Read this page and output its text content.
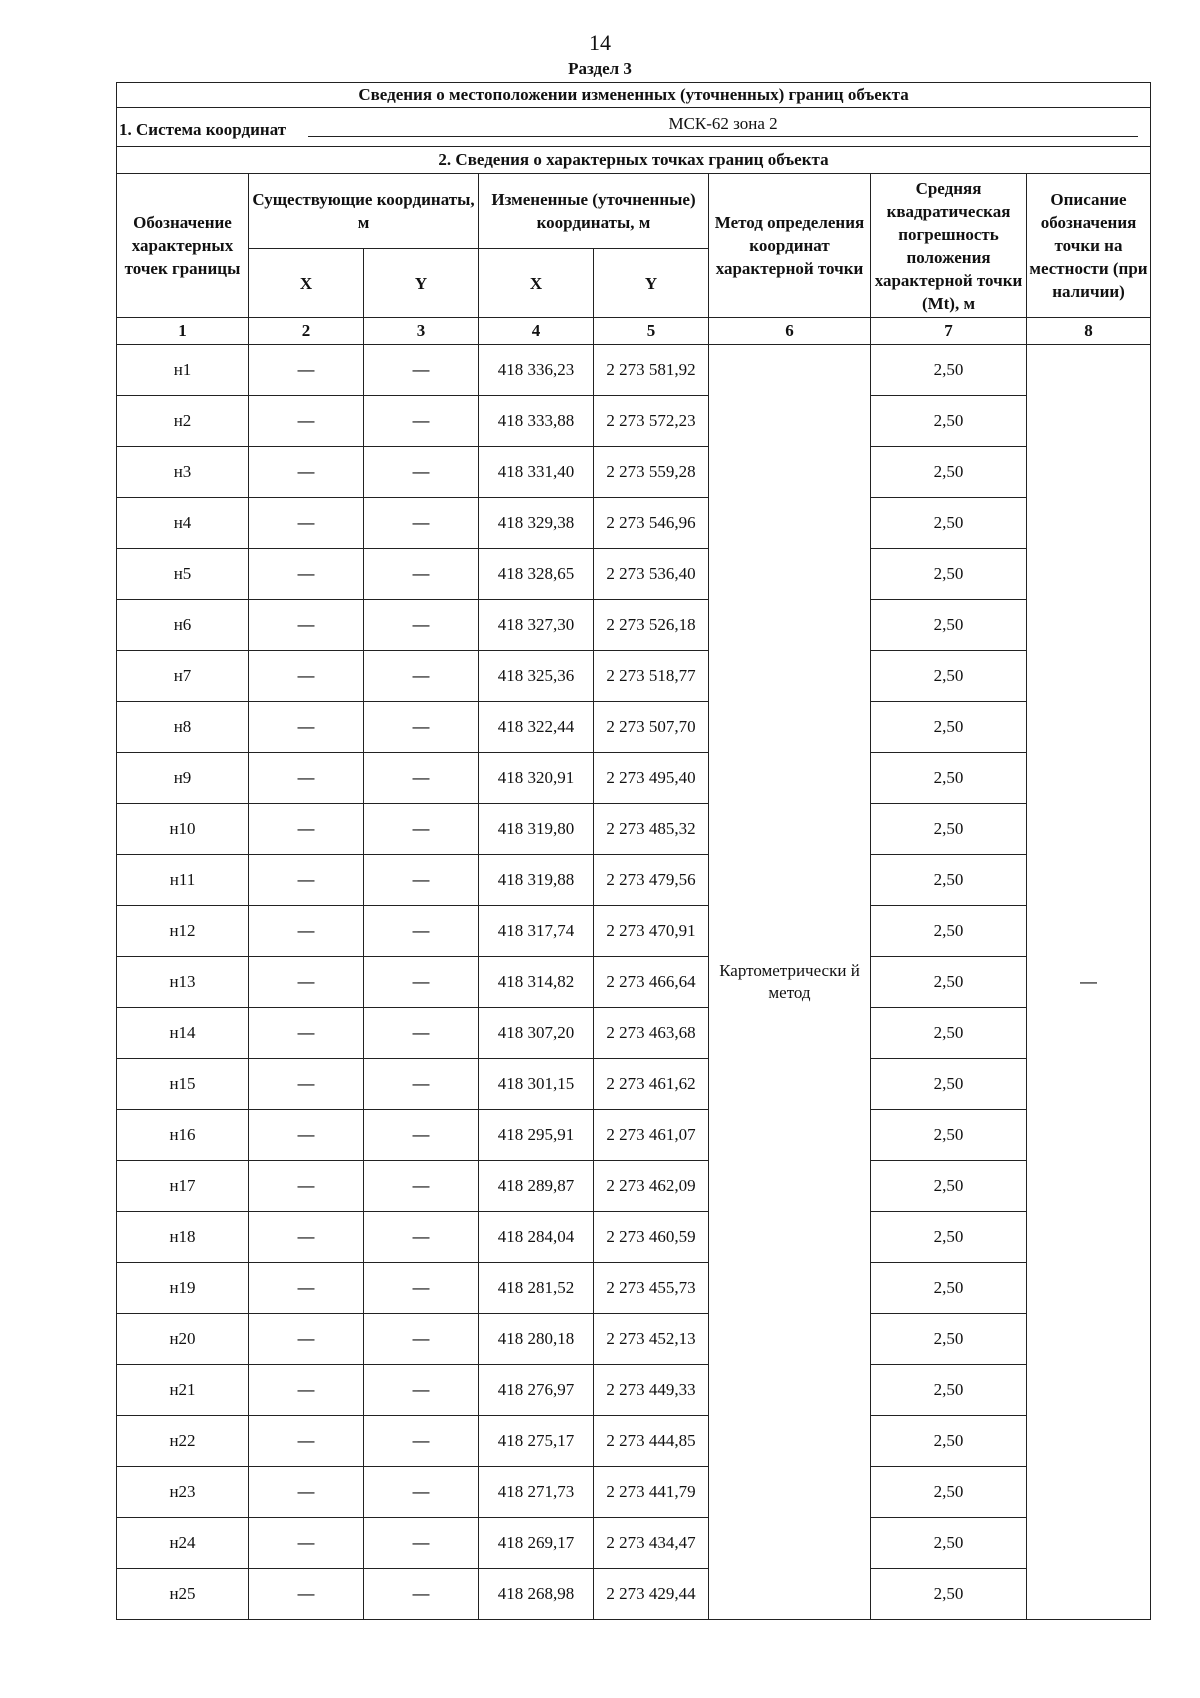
14
Раздел 3
Сведения о местоположении измененных (уточненных) границ объекта							

1. Система координат МСК-62 зона 2							

2. Сведения о характерных точках границ объекта							
Обозначение характерных точек границы	Существующие координаты, м		Измененные (уточненные) координаты, м		Метод определения координат характерной точки	Средняя квадратическая погрешность положения характерной точки (Mt), м	Описание обозначения точки на местности (при наличии)
	X	Y	X	Y			
1	2	3	4	5	6	7	8
н1	—	—	418 336,23	2 273 581,92	Картометрически й метод	2,50	—
н2	—	—	418 333,88	2 273 572,23		2,50	
н3	—	—	418 331,40	2 273 559,28		2,50	
н4	—	—	418 329,38	2 273 546,96		2,50	
н5	—	—	418 328,65	2 273 536,40		2,50	
н6	—	—	418 327,30	2 273 526,18		2,50	
н7	—	—	418 325,36	2 273 518,77		2,50	
н8	—	—	418 322,44	2 273 507,70		2,50	
н9	—	—	418 320,91	2 273 495,40		2,50	
н10	—	—	418 319,80	2 273 485,32		2,50	
н11	—	—	418 319,88	2 273 479,56		2,50	
н12	—	—	418 317,74	2 273 470,91		2,50	
н13	—	—	418 314,82	2 273 466,64		2,50	
н14	—	—	418 307,20	2 273 463,68		2,50	
н15	—	—	418 301,15	2 273 461,62		2,50	
н16	—	—	418 295,91	2 273 461,07		2,50	
н17	—	—	418 289,87	2 273 462,09		2,50	
н18	—	—	418 284,04	2 273 460,59		2,50	
н19	—	—	418 281,52	2 273 455,73		2,50	
н20	—	—	418 280,18	2 273 452,13		2,50	
н21	—	—	418 276,97	2 273 449,33		2,50	
н22	—	—	418 275,17	2 273 444,85		2,50	
н23	—	—	418 271,73	2 273 441,79		2,50	
н24	—	—	418 269,17	2 273 434,47		2,50	
н25	—	—	418 268,98	2 273 429,44		2,50	
